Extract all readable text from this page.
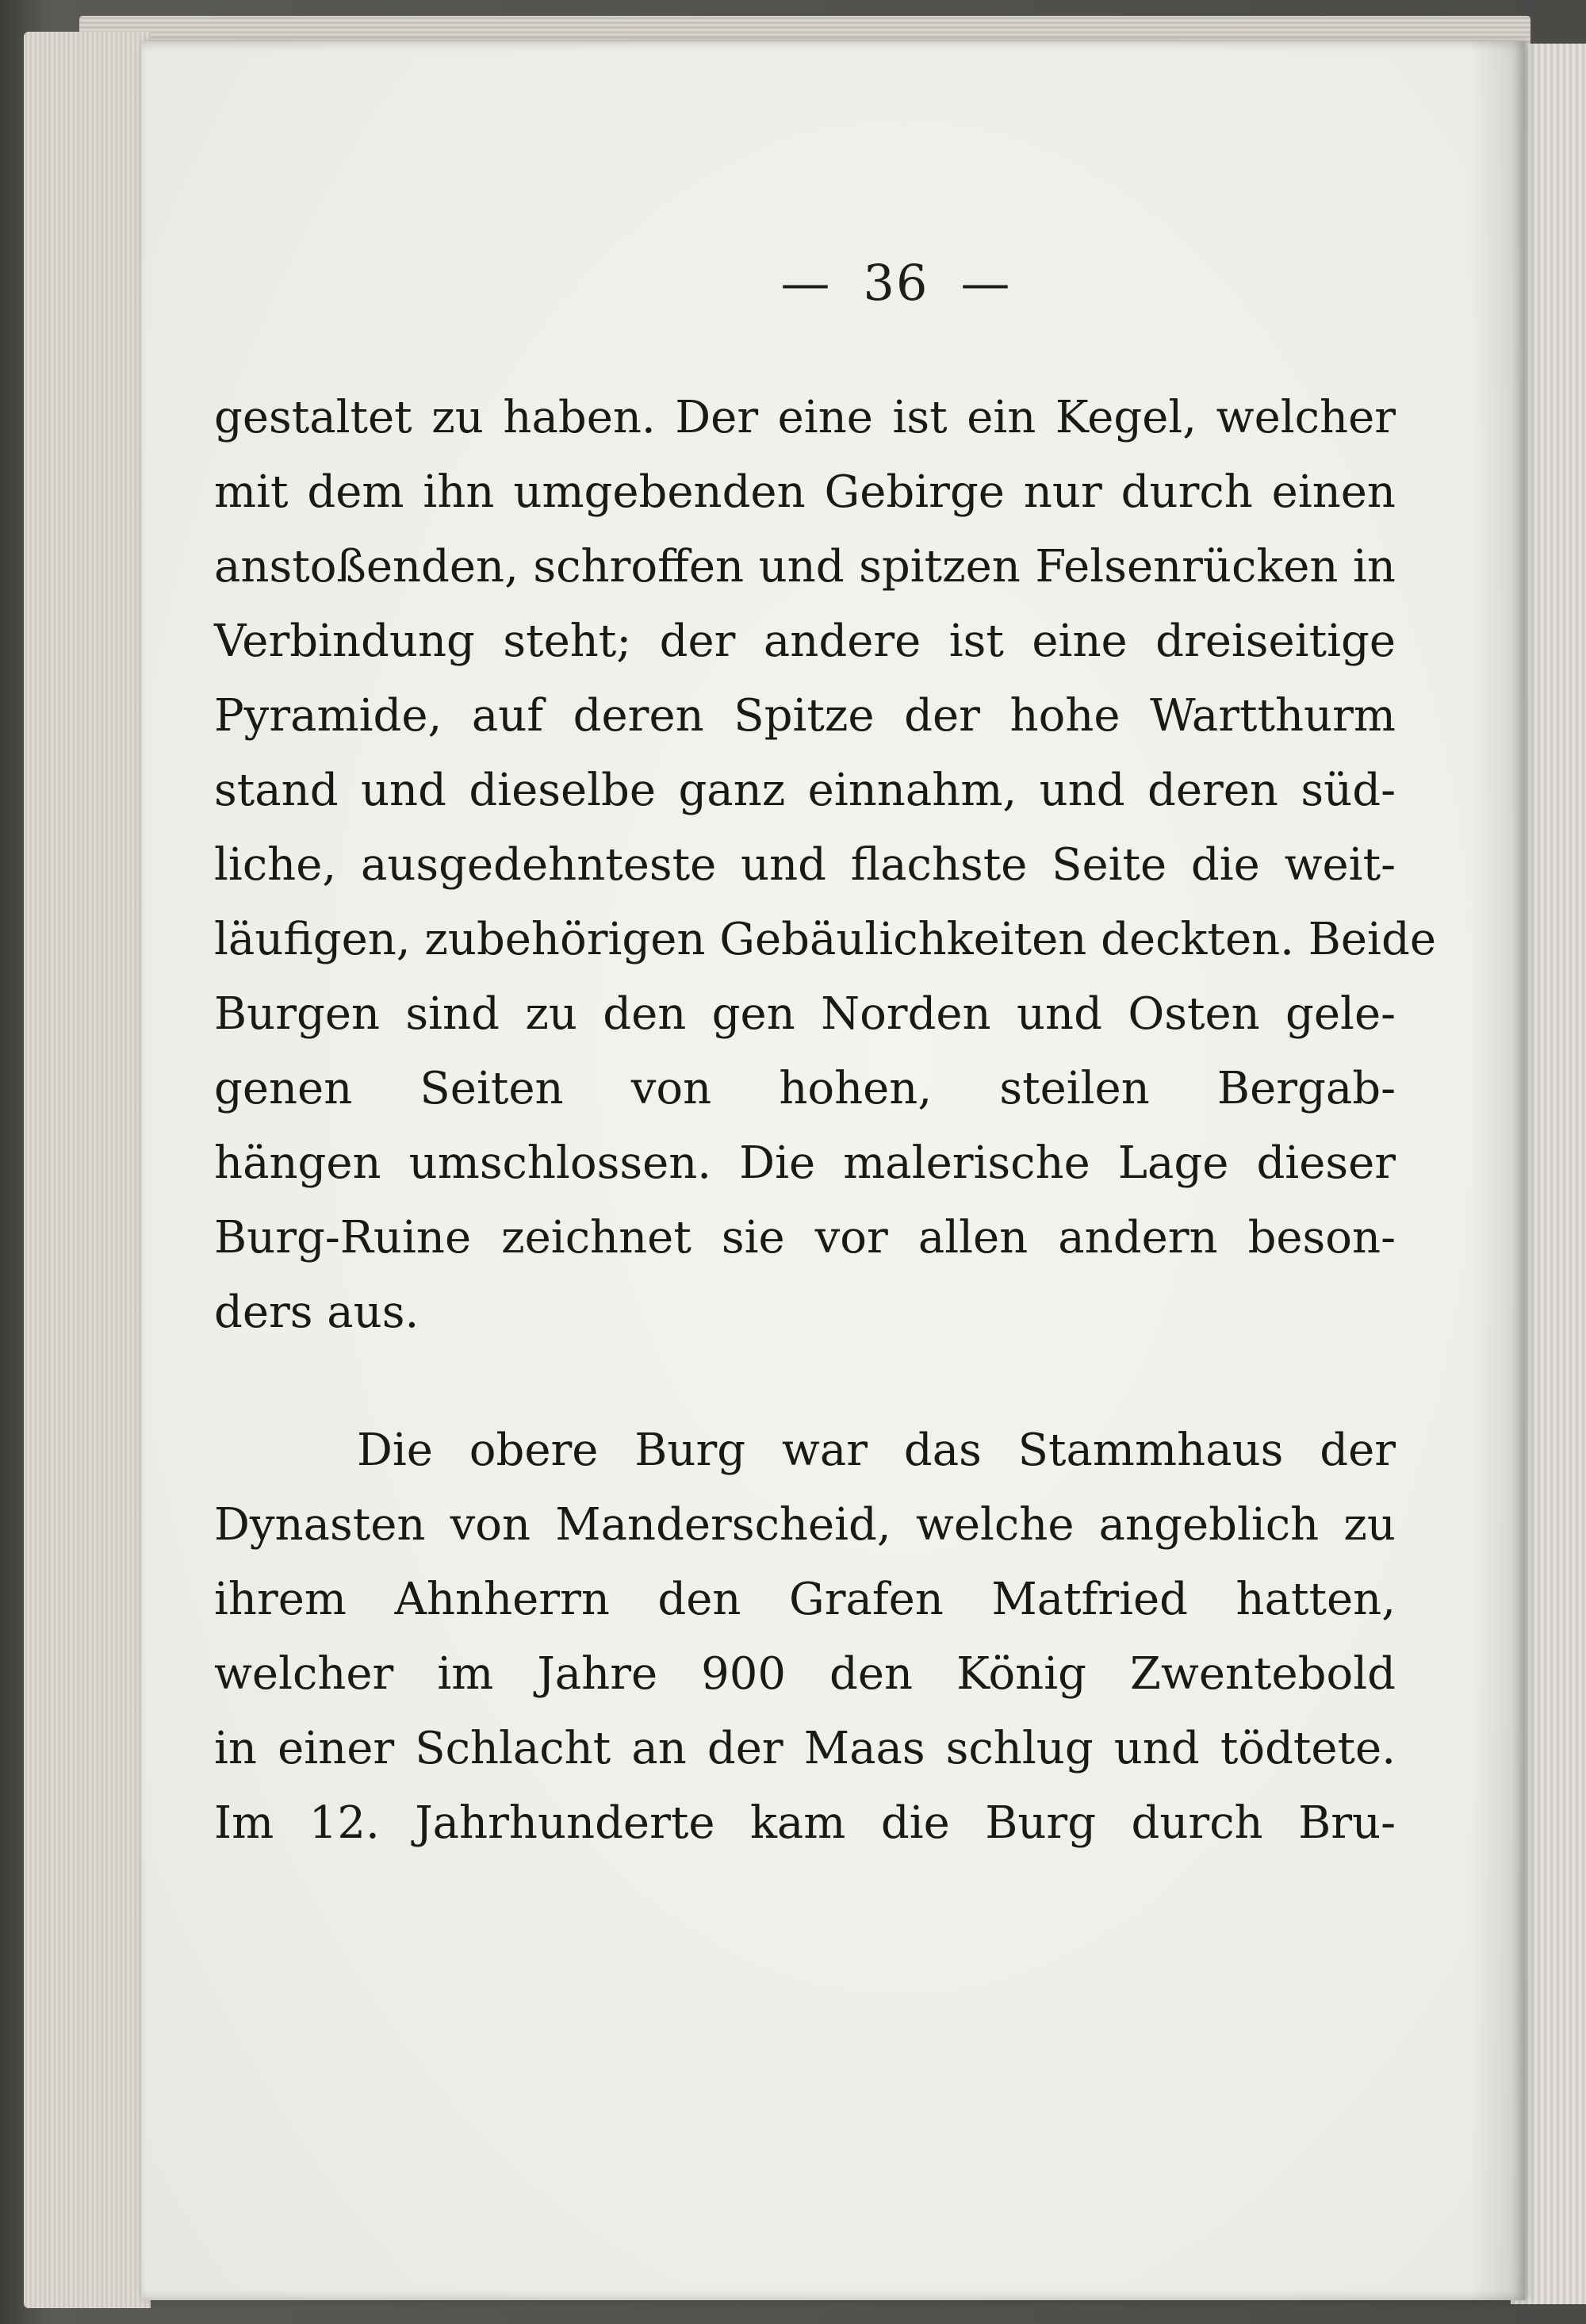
— 36 —
gestaltet zu haben. Der eine ist ein Kegel, welcher
mit dem ihn umgebenden Gebirge nur durch einen
anstoßenden, schroffen und spitzen Felsenrücken in
Verbindung steht; der andere ist eine dreiseitige
Pyramide, auf deren Spitze der hohe Wartthurm
stand und dieselbe ganz einnahm, und deren süd-
liche, ausgedehnteste und flachste Seite die weit-
läufigen, zubehörigen Gebäulichkeiten deckten. Beide
Burgen sind zu den gen Norden und Osten gele-
genen Seiten von hohen, steilen Bergab-
hängen umschlossen. Die malerische Lage dieser
Burg-Ruine zeichnet sie vor allen andern beson-
ders aus.
Die obere Burg war das Stammhaus der
Dynasten von Manderscheid, welche angeblich zu
ihrem Ahnherrn den Grafen Matfried hatten,
welcher im Jahre 900 den König Zwentebold
in einer Schlacht an der Maas schlug und tödtete.
Im 12. Jahrhunderte kam die Burg durch Bru-
